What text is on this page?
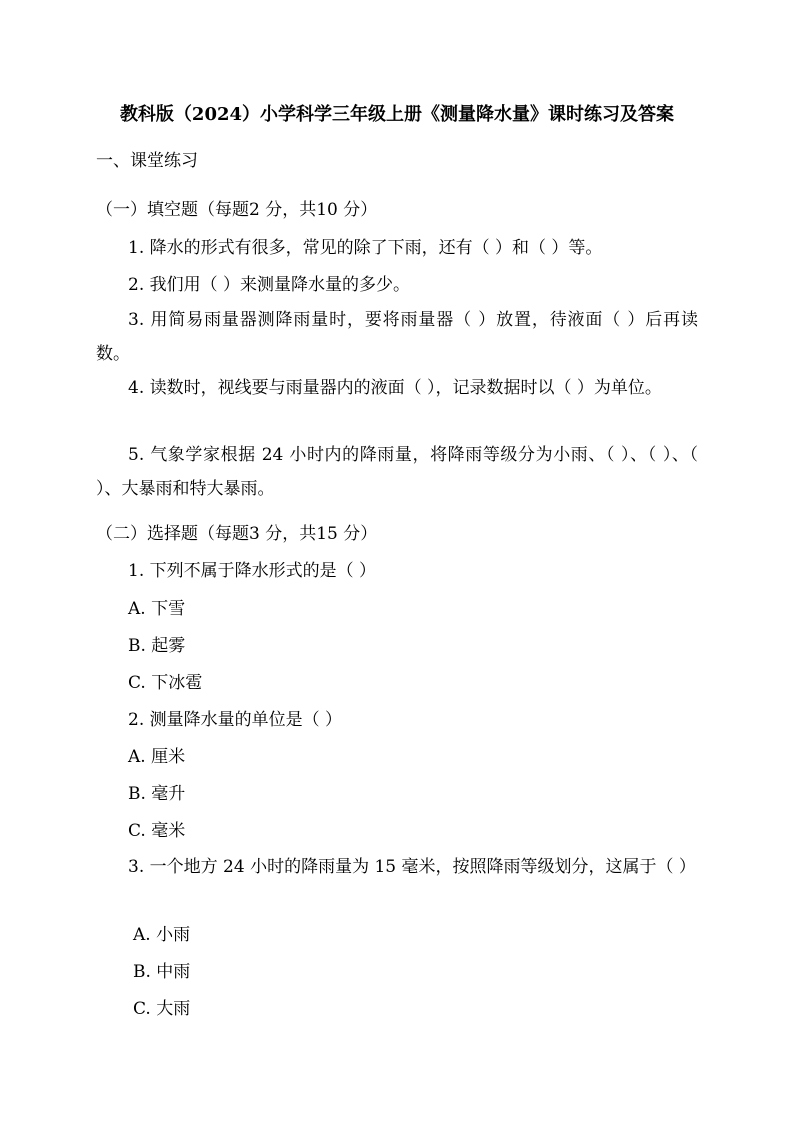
教科版（2024）小学科学三年级上册《测量降水量》课时练习及答案
一、课堂练习
（一）填空题（每题2 分，共10 分）
1. 降水的形式有很多，常见的除了下雨，还有（ ）和（ ）等。
2. 我们用（ ）来测量降水量的多少。
3. 用简易雨量器测降雨量时，要将雨量器（ ）放置，待液面（ ）后再读数。
4. 读数时，视线要与雨量器内的液面（ ），记录数据时以（ ）为单位。
5. 气象学家根据 24 小时内的降雨量，将降雨等级分为小雨、（ ）、（ ）、（ ）、大暴雨和特大暴雨。
（二）选择题（每题3 分，共15 分）
1. 下列不属于降水形式的是（ ）
A. 下雪
B. 起雾
C. 下冰雹
2. 测量降水量的单位是（ ）
A. 厘米
B. 毫升
C. 毫米
3. 一个地方 24 小时的降雨量为 15 毫米，按照降雨等级划分，这属于（ ）
A. 小雨
B. 中雨
C. 大雨
